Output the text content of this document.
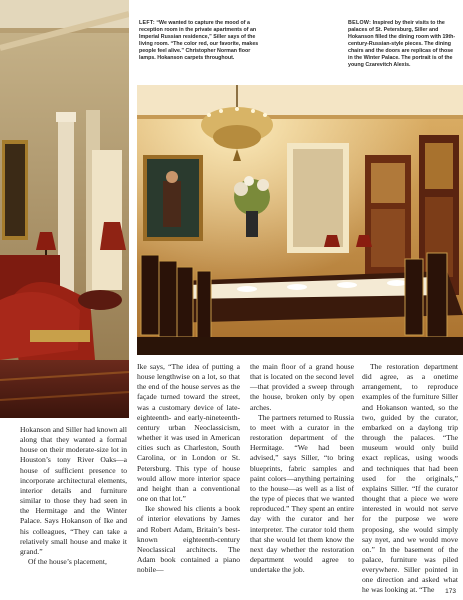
LEFT: “We wanted to capture the mood of a reception room in the private apartments of an Imperial Russian residence,” Siller says of the living room. “The color red, our favorite, makes people feel alive.” Christopher Norman floor lamps. Hokanson carpets throughout.

BELOW: Inspired by their visits to the palaces of St. Petersburg, Siller and Hokanson filled the dining room with 19th-century-Russian-style pieces. The dining chairs and the doors are replicas of those in the Winter Palace. The portrait is of the young Czarevitch Alexis.

Hokanson and Siller had known all along that they wanted a formal house on their moderate-size lot in Houston’s tony River Oaks—a house of sufficient presence to incorporate architectural elements, interior details and furniture similar to those they had seen in the Hermitage and the Winter Palace. Says Hokanson of Ike and his colleagues, “They can take a relatively small house and make it grand.”

Of the house’s placement,

Ike says, “The idea of putting a house lengthwise on a lot, so that the end of the house serves as the façade turned toward the street, was a customary device of late-eighteenth- and early-nineteenth-century urban Neoclassicism, whether it was used in American cities such as Charleston, South Carolina, or in London or St. Petersburg. This type of house would allow more interior space and height than a conventional one on that lot.”

Ike showed his clients a book of interior elevations by James and Robert Adam, Britain’s best-known eighteenth-century Neoclassical architects. The Adam book contained a piano nobile—

the main floor of a grand house that is located on the second level—that provided a sweep through the house, broken only by open arches.

The partners returned to Russia to meet with a curator in the restoration department of the Hermitage. “We had been advised,” says Siller, “to bring blueprints, fabric samples and paint colors—anything pertaining to the house—as well as a list of the type of pieces that we wanted reproduced.” They spent an entire day with the curator and her interpreter. The curator told them that she would let them know the next day whether the restoration department would agree to undertake the job.

The restoration department did agree, as a onetime arrangement, to reproduce examples of the furniture Siller and Hokanson wanted, so the two, guided by the curator, embarked on a daylong trip through the palaces. “The museum would only build exact replicas, using woods and techniques that had been used for the originals,” explains Siller. “If the curator thought that a piece we were interested in would not serve for the purpose we were proposing, she would simply say nyet, and we would move on.” In the basement of the palace, furniture was piled everywhere. Siller pointed in one direction and asked what he was looking at. “The	173
